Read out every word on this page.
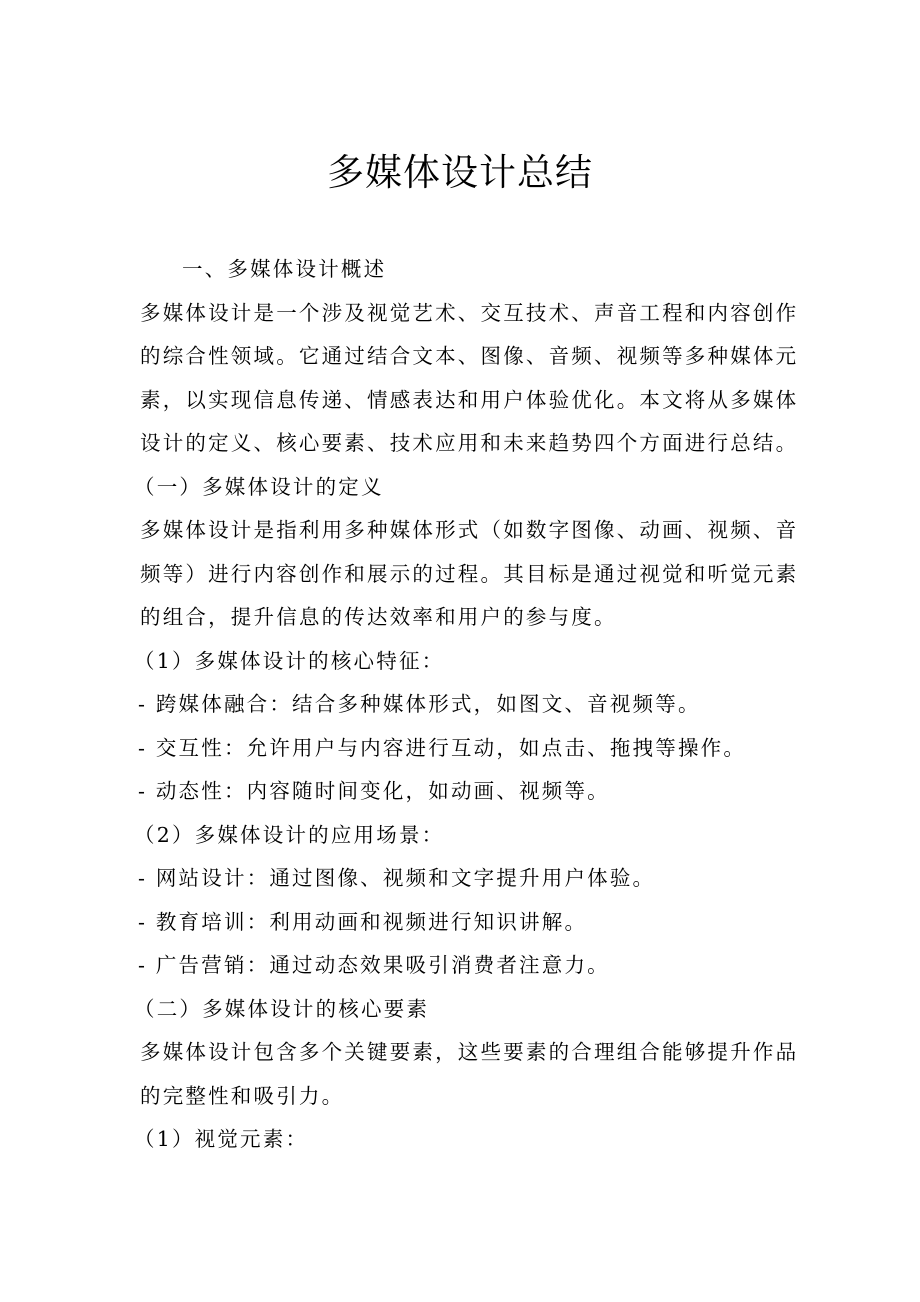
多媒体设计总结

一、多媒体设计概述

多媒体设计是一个涉及视觉艺术、交互技术、声音工程和内容创作

的综合性领域。它通过结合文本、图像、音频、视频等多种媒体元

素，以实现信息传递、情感表达和用户体验优化。本文将从多媒体

设计的定义、核心要素、技术应用和未来趋势四个方面进行总结。

（一）多媒体设计的定义

多媒体设计是指利用多种媒体形式（如数字图像、动画、视频、音

频等）进行内容创作和展示的过程。其目标是通过视觉和听觉元素

的组合，提升信息的传达效率和用户的参与度。

（1）多媒体设计的核心特征：

- 跨媒体融合：结合多种媒体形式，如图文、音视频等。

- 交互性：允许用户与内容进行互动，如点击、拖拽等操作。

- 动态性：内容随时间变化，如动画、视频等。

（2）多媒体设计的应用场景：

- 网站设计：通过图像、视频和文字提升用户体验。

- 教育培训：利用动画和视频进行知识讲解。

- 广告营销：通过动态效果吸引消费者注意力。

（二）多媒体设计的核心要素

多媒体设计包含多个关键要素，这些要素的合理组合能够提升作品

的完整性和吸引力。

（1）视觉元素：
